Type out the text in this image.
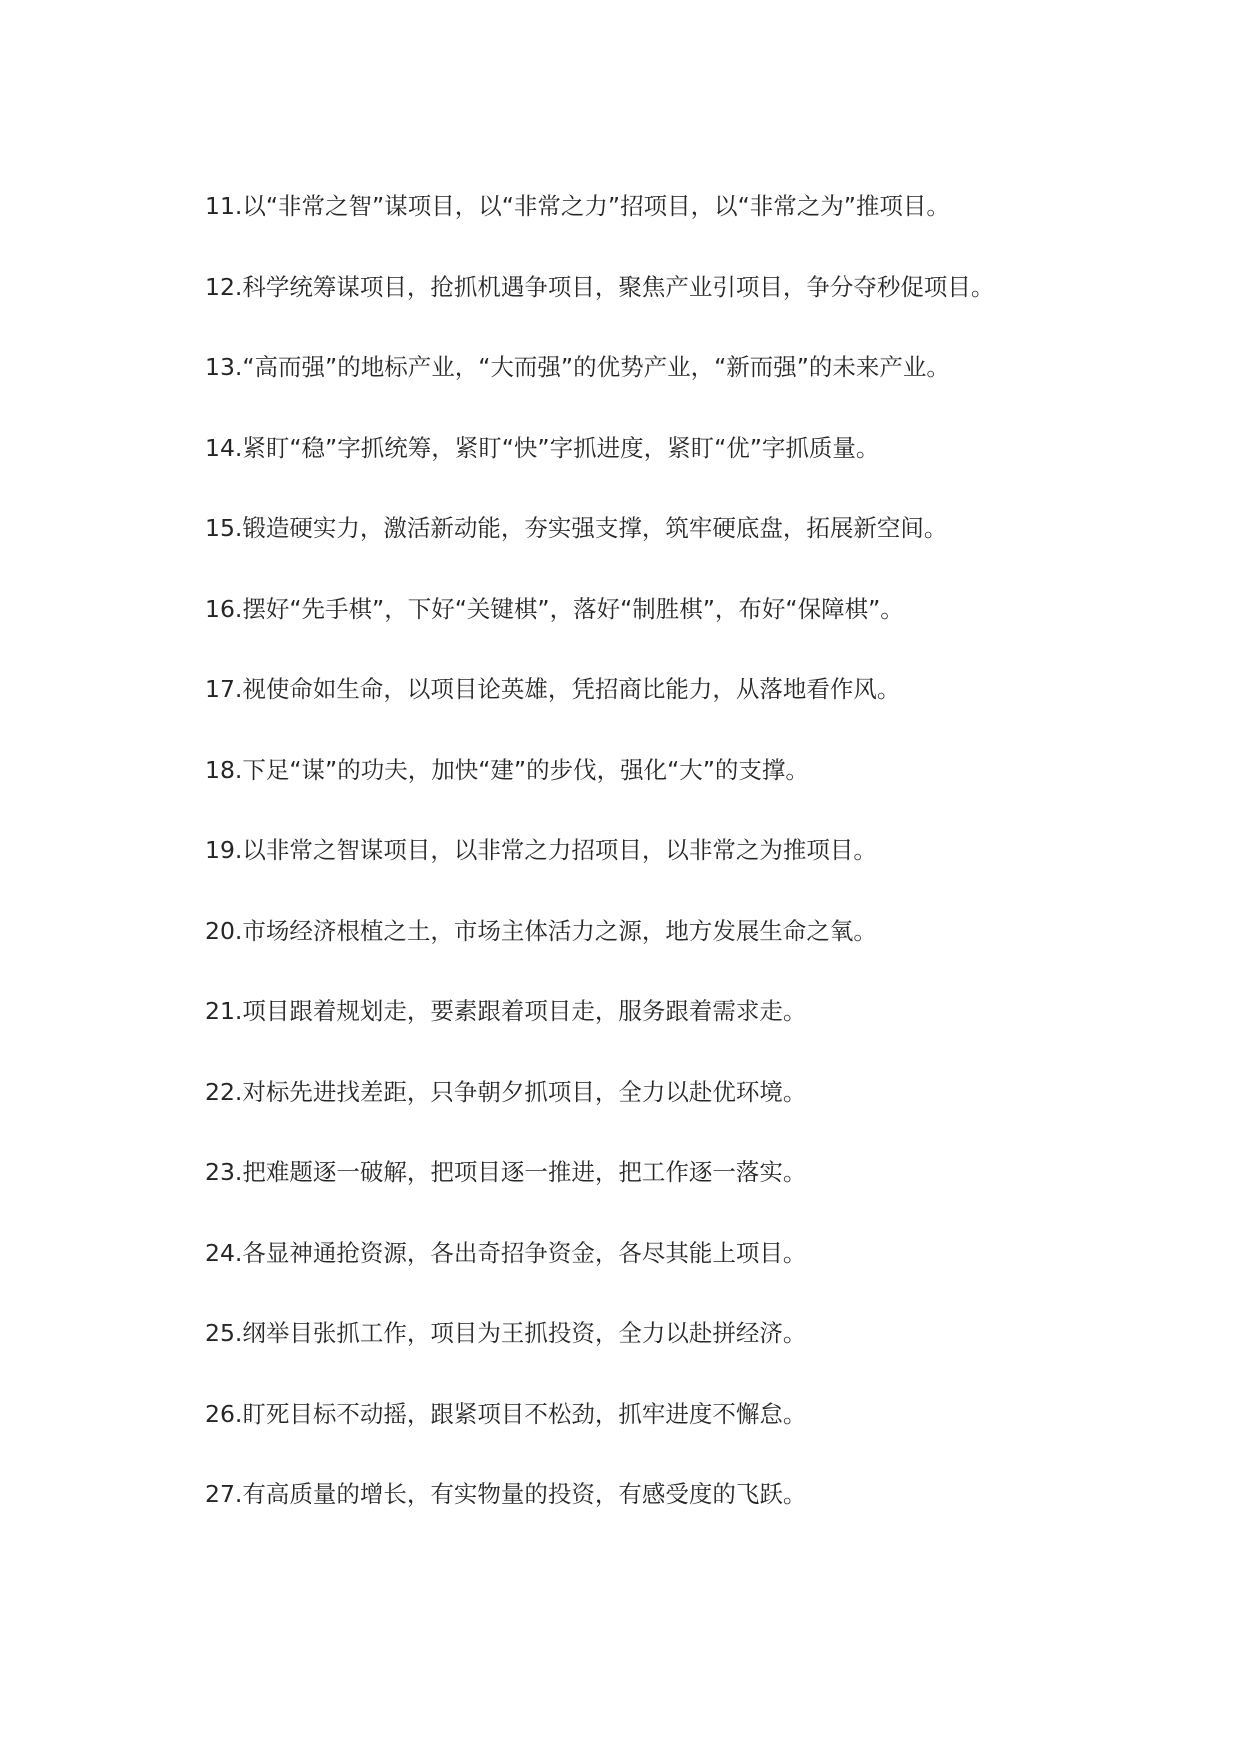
11. 以“非常之智”谋项目，以“非常之力”招项目，以“非常之为”推项目。
12. 科学统筹谋项目，抢抓机遇争项目，聚焦产业引项目，争分夺秒促项目。
13. “高而强”的地标产业，“大而强”的优势产业，“新而强”的未来产业。
14. 紧盯“稳”字抓统筹，紧盯“快”字抓进度，紧盯“优”字抓质量。
15. 锻造硬实力，激活新动能，夯实强支撑，筑牢硬底盘，拓展新空间。
16. 摆好“先手棋”，下好“关键棋”，落好“制胜棋”，布好“保障棋”。
17. 视使命如生命，以项目论英雄，凭招商比能力，从落地看作风。
18. 下足“谋”的功夫，加快“建”的步伐，强化“大”的支撑。
19. 以非常之智谋项目，以非常之力招项目，以非常之为推项目。
20. 市场经济根植之土，市场主体活力之源，地方发展生命之氧。
21. 项目跟着规划走，要素跟着项目走，服务跟着需求走。
22. 对标先进找差距，只争朝夕抓项目，全力以赴优环境。
23. 把难题逐一破解，把项目逐一推进，把工作逐一落实。
24. 各显神通抢资源，各出奇招争资金，各尽其能上项目。
25. 纲举目张抓工作，项目为王抓投资，全力以赴拼经济。
26. 盯死目标不动摇，跟紧项目不松劲，抓牢进度不懈怠。
27. 有高质量的增长，有实物量的投资，有感受度的飞跃。
